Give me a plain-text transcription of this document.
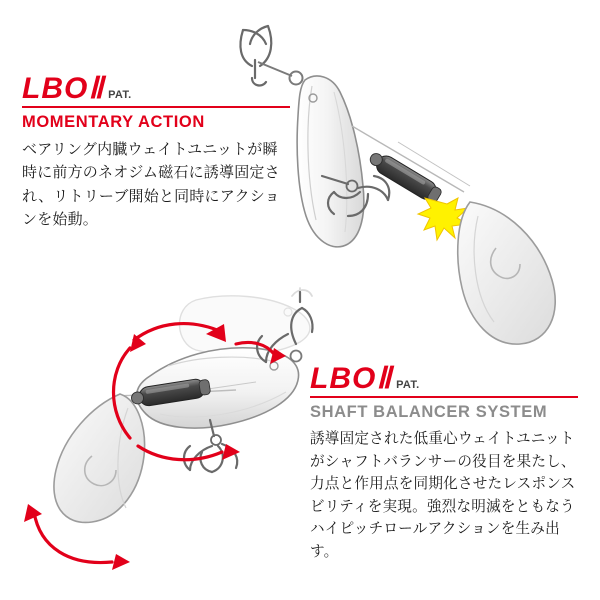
LBOⅡ PAT.
MOMENTARY ACTION
ベアリング内臓ウェイトユニットが瞬時に前方のネオジム磁石に誘導固定され、リトリーブ開始と同時にアクションを始動。
LBOⅡ PAT.
SHAFT BALANCER SYSTEM
誘導固定された低重心ウェイトユニットがシャフトバランサーの役目を果たし、力点と作用点を同期化させたレスポンスビリティを実現。強烈な明滅をともなうハイピッチロールアクションを生み出す。
